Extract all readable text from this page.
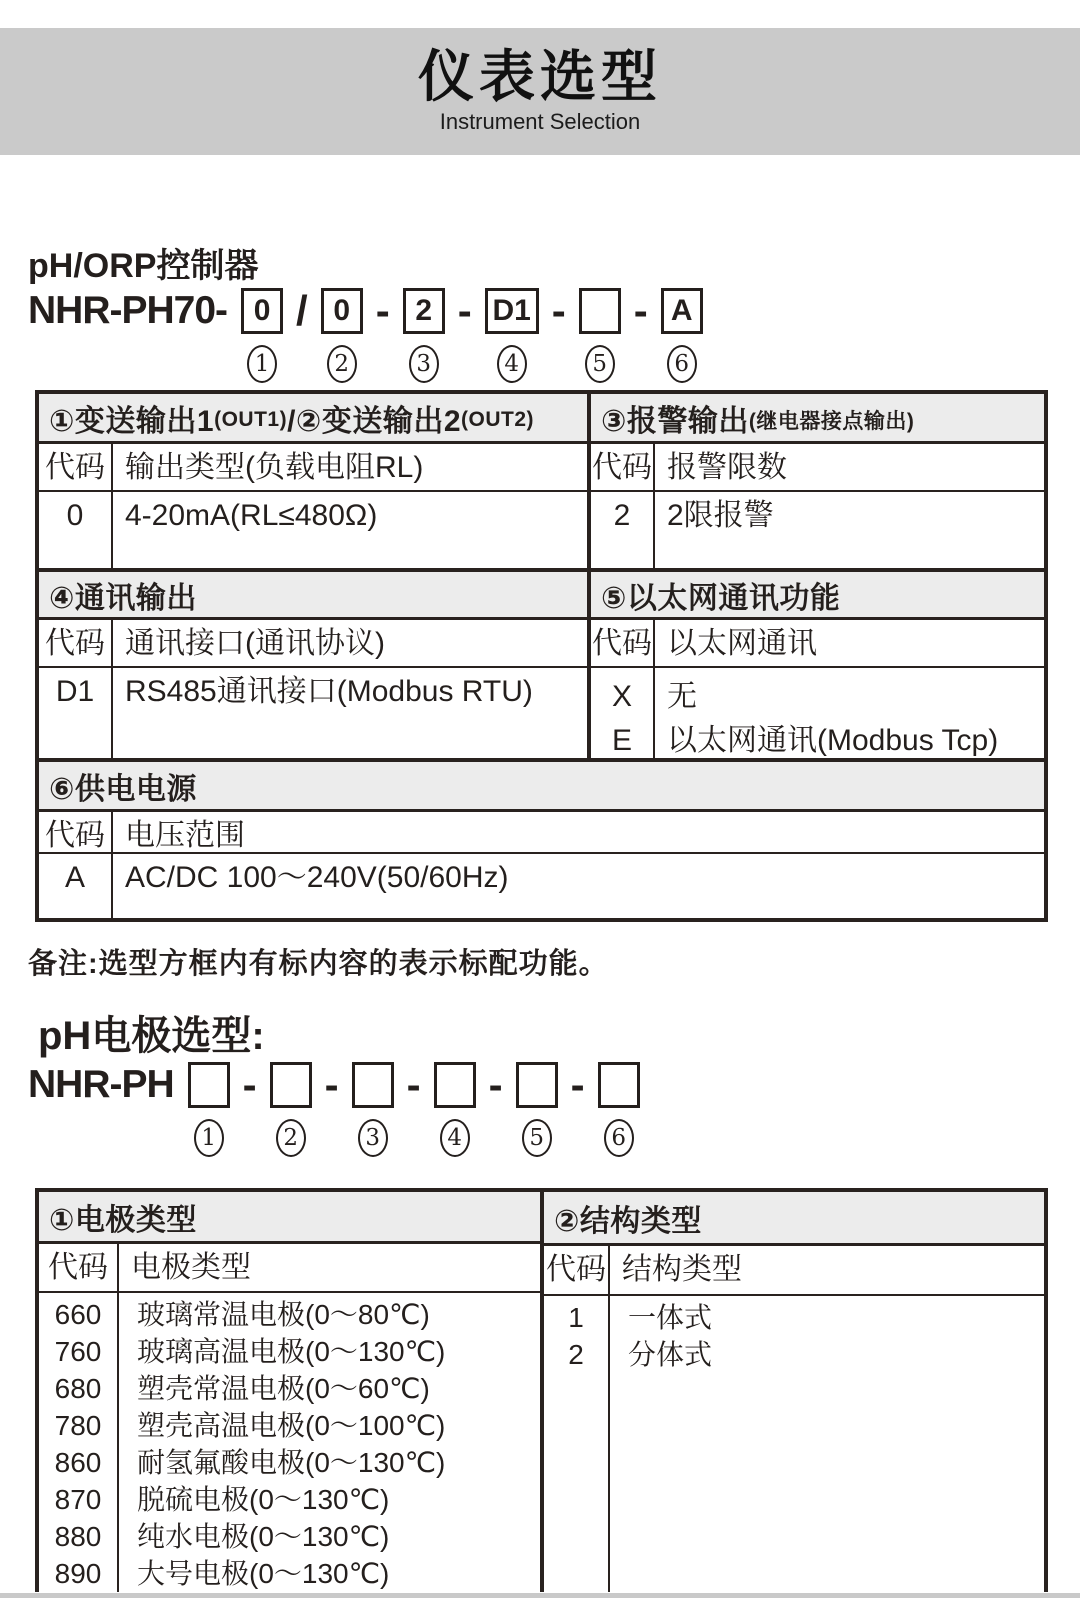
仪表选型
Instrument Selection
pH/ORP控制器
NHR-PH70- 0
1
/ 0
2
- 2
3
- D1
4
-
5
- A
6
①变送输出1 (OUT1) /②变送输出2 (OUT2)
代码 输出类型(负载电阻RL)
0 4-20mA(RL≤480Ω)
③报警输出 (继电器接点输出)
代码 报警限数
2 2限报警
④通讯输出
代码 通讯接口(通讯协议)
D1 RS485通讯接口(Modbus RTU)
⑤以太网通讯功能
代码 以太网通讯
X
E
无
以太网通讯(Modbus Tcp)
⑥供电电源
代码 电压范围
A AC/DC 100～240V(50/60Hz)
备注:选型方框内有标内容的表示标配功能。
pH电极选型:
NHR-PH
1
-
2
-
3
-
4
-
5
-
6
①电极类型
代码 电极类型
660
760
680
780
860
870
880
890
玻璃常温电极(0～80℃)
玻璃高温电极(0～130℃)
塑壳常温电极(0～60℃)
塑壳高温电极(0～100℃)
耐氢氟酸电极(0～130℃)
脱硫电极(0～130℃)
纯水电极(0～130℃)
大号电极(0～130℃)
②结构类型
代码 结构类型
1
2
一体式
分体式
